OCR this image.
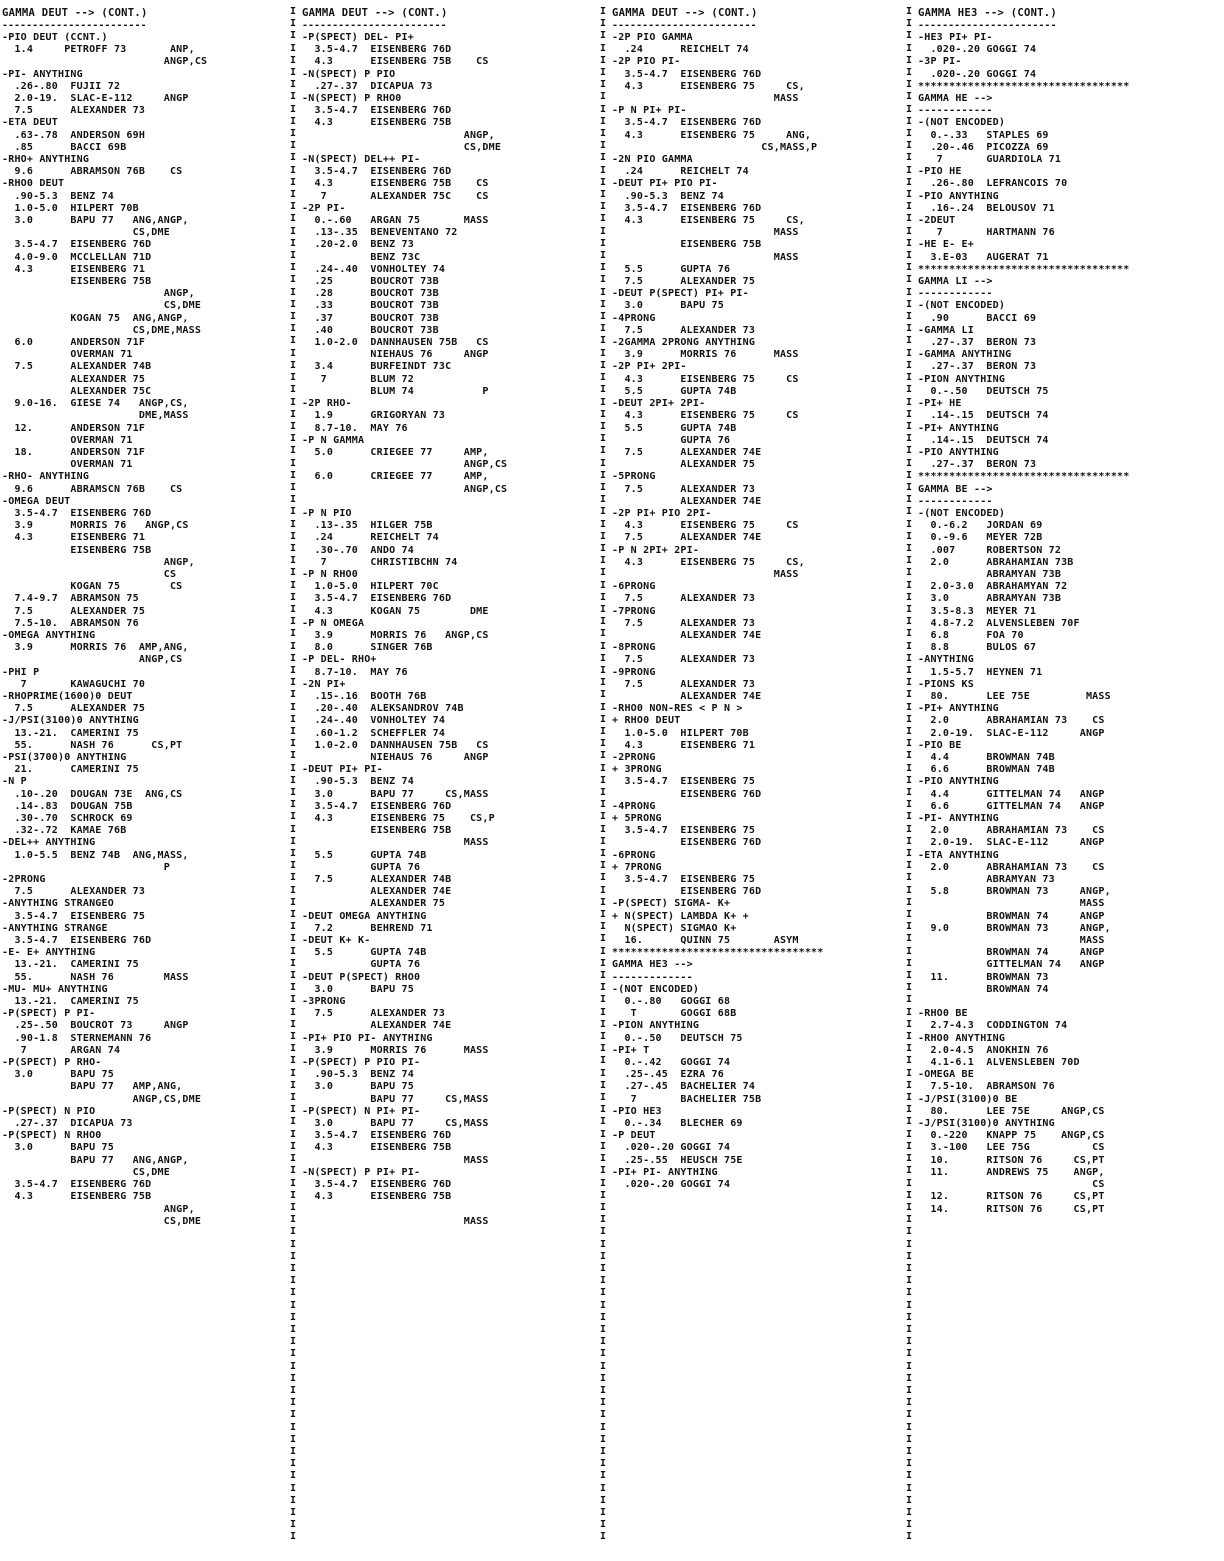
GAMMA DEUT --> (CONT.)
------------------------
-PIO DEUT (CCNT.)
1.4     PETROFF 73       ANP,
ANGP,CS
-PI- ANYTHING
.26-.80  FUJII 72
2.0-19.  SLAC-E-112     ANGP
7.5      ALEXANDER 73
-ETA DEUT
.63-.78  ANDERSON 69H
.85      BACCI 69B
-RHO+ ANYTHING
9.6      ABRAMSON 76B    CS
-RHO0 DEUT
.90-5.3  BENZ 74
1.0-5.0  HILPERT 70B
3.0      BAPU 77   ANG,ANGP,
CS,DME
3.5-4.7  EISENBERG 76D
4.0-9.0  MCCLELLAN 71D
4.3      EISENBERG 71
EISENBERG 75B
ANGP,
CS,DME
KOGAN 75  ANG,ANGP,
CS,DME,MASS
6.0      ANDERSON 71F
OVERMAN 71
7.5      ALEXANDER 74B
ALEXANDER 75
ALEXANDER 75C
9.0-16.  GIESE 74   ANGP,CS,
DME,MASS
12.      ANDERSON 71F
OVERMAN 71
18.      ANDERSON 71F
OVERMAN 71
-RHO- ANYTHING
9.6      ABRAMSCN 76B    CS
-OMEGA DEUT
3.5-4.7  EISENBERG 76D
3.9      MORRIS 76   ANGP,CS
4.3      EISENBERG 71
EISENBERG 75B
ANGP,
CS
KOGAN 75        CS
7.4-9.7  ABRAMSON 75
7.5      ALEXANDER 75
7.5-10.  ABRAMSON 76
-OMEGA ANYTHING
3.9      MORRIS 76  AMP,ANG,
ANGP,CS
-PHI P
7       KAWAGUCHI 70
-RHOPRIME(1600)0 DEUT
7.5      ALEXANDER 75
-J/PSI(3100)0 ANYTHING
13.-21.  CAMERINI 75
55.      NASH 76      CS,PT
-PSI(3700)0 ANYTHING
21.      CAMERINI 75
-N P
.10-.20  DOUGAN 73E  ANG,CS
.14-.83  DOUGAN 75B
.30-.70  SCHROCK 69
.32-.72  KAMAE 76B
-DEL++ ANYTHING
1.0-5.5  BENZ 74B  ANG,MASS,
P
-2PRONG
7.5      ALEXANDER 73
-ANYTHING STRANGEO
3.5-4.7  EISENBERG 75
-ANYTHING STRANGE
3.5-4.7  EISENBERG 76D
-E- E+ ANYTHING
13.-21.  CAMERINI 75
55.      NASH 76        MASS
-MU- MU+ ANYTHING
13.-21.  CAMERINI 75
-P(SPECT) P PI-
.25-.50  BOUCROT 73     ANGP
.90-1.8  STERNEMANN 76
7       ARGAN 74
-P(SPECT) P RHO-
3.0      BAPU 75
BAPU 77   AMP,ANG,
ANGP,CS,DME
-P(SPECT) N PIO
.27-.37  DICAPUA 73
-P(SPECT) N RHO0
3.0      BAPU 75
BAPU 77   ANG,ANGP,
CS,DME
3.5-4.7  EISENBERG 76D
4.3      EISENBERG 75B
ANGP,
CS,DME
I
I
I
I
I
I
I
I
I
I
I
I
I
I
I
I
I
I
I
I
I
I
I
I
I
I
I
I
I
I
I
I
I
I
I
I
I
I
I
I
I
I
I
I
I
I
I
I
I
I
I
I
I
I
I
I
I
I
I
I
I
I
I
I
I
I
I
I
I
I
I
I
I
I
I
I
I
I
I
I
I
I
I
I
I
I
I
I
I
I
I
I
I
I
I
I
I
I
I
I
I
I
I
I
I
I
I
I
I
I
I
I
I
I
I
I
I
I
I
I
I
I
I
I
I
I
GAMMA DEUT --> (CONT.)
------------------------
-P(SPECT) DEL- PI+
3.5-4.7  EISENBERG 76D
4.3      EISENBERG 75B    CS
-N(SPECT) P PIO
.27-.37  DICAPUA 73
-N(SPECT) P RHO0
3.5-4.7  EISENBERG 76D
4.3      EISENBERG 75B
ANGP,
CS,DME
-N(SPECT) DEL++ PI-
3.5-4.7  EISENBERG 76D
4.3      EISENBERG 75B    CS
7       ALEXANDER 75C    CS
-2P PI-
0.-.60   ARGAN 75       MASS
.13-.35  BENEVENTANO 72
.20-2.0  BENZ 73
BENZ 73C
.24-.40  VONHOLTEY 74
.25      BOUCROT 73B
.28      BOUCROT 73B
.33      BOUCROT 73B
.37      BOUCROT 73B
.40      BOUCROT 73B
1.0-2.0  DANNHAUSEN 75B   CS
NIEHAUS 76     ANGP
3.4      BURFEINDT 73C
7       BLUM 72
BLUM 74           P
-2P RHO-
1.9      GRIGORYAN 73
8.7-10.  MAY 76
-P N GAMMA
5.0      CRIEGEE 77     AMP,
ANGP,CS
6.0      CRIEGEE 77     AMP,
ANGP,CS

-P N PIO
.13-.35  HILGER 75B
.24      REICHELT 74
.30-.70  ANDO 74
7       CHRISTIBCHN 74
-P N RHO0
1.0-5.0  HILPERT 70C
3.5-4.7  EISENBERG 76D
4.3      KOGAN 75        DME
-P N OMEGA
3.9      MORRIS 76   ANGP,CS
8.0      SINGER 76B
-P DEL- RHO+
8.7-10.  MAY 76
-2N PI+
.15-.16  BOOTH 76B
.20-.40  ALEKSANDROV 74B
.24-.40  VONHOLTEY 74
.60-1.2  SCHEFFLER 74
1.0-2.0  DANNHAUSEN 75B   CS
NIEHAUS 76     ANGP
-DEUT PI+ PI-
.90-5.3  BENZ 74
3.0      BAPU 77     CS,MASS
3.5-4.7  EISENBERG 76D
4.3      EISENBERG 75    CS,P
EISENBERG 75B
MASS
5.5      GUPTA 74B
GUPTA 76
7.5      ALEXANDER 74B
ALEXANDER 74E
ALEXANDER 75
-DEUT OMEGA ANYTHING
7.2      BEHREND 71
-DEUT K+ K-
5.5      GUPTA 74B
GUPTA 76
-DEUT P(SPECT) RHO0
3.0      BAPU 75
-3PRONG
7.5      ALEXANDER 73
ALEXANDER 74E
-PI+ PIO PI- ANYTHING
3.9      MORRIS 76      MASS
-P(SPECT) P PIO PI-
.90-5.3  BENZ 74
3.0      BAPU 75
BAPU 77     CS,MASS
-P(SPECT) N PI+ PI-
3.0      BAPU 77     CS,MASS
3.5-4.7  EISENBERG 76D
4.3      EISENBERG 75B
MASS
-N(SPECT) P PI+ PI-
3.5-4.7  EISENBERG 76D
4.3      EISENBERG 75B

MASS
I
I
I
I
I
I
I
I
I
I
I
I
I
I
I
I
I
I
I
I
I
I
I
I
I
I
I
I
I
I
I
I
I
I
I
I
I
I
I
I
I
I
I
I
I
I
I
I
I
I
I
I
I
I
I
I
I
I
I
I
I
I
I
I
I
I
I
I
I
I
I
I
I
I
I
I
I
I
I
I
I
I
I
I
I
I
I
I
I
I
I
I
I
I
I
I
I
I
I
I
I
I
I
I
I
I
I
I
I
I
I
I
I
I
I
I
I
I
I
I
I
I
I
I
I
I
GAMMA DEUT --> (CONT.)
------------------------
-2P PIO GAMMA
.24      REICHELT 74
-2P PIO PI-
3.5-4.7  EISENBERG 76D
4.3      EISENBERG 75     CS,
MASS
-P N PI+ PI-
3.5-4.7  EISENBERG 76D
4.3      EISENBERG 75     ANG,
CS,MASS,P
-2N PIO GAMMA
.24      REICHELT 74
-DEUT PI+ PIO PI-
.90-5.3  BENZ 74
3.5-4.7  EISENBERG 76D
4.3      EISENBERG 75     CS,
MASS
EISENBERG 75B
MASS
5.5      GUPTA 76
7.5      ALEXANDER 75
-DEUT P(SPECT) PI+ PI-
3.0      BAPU 75
-4PRONG
7.5      ALEXANDER 73
-2GAMMA 2PRONG ANYTHING
3.9      MORRIS 76      MASS
-2P PI+ 2PI-
4.3      EISENBERG 75     CS
5.5      GUPTA 74B
-DEUT 2PI+ 2PI-
4.3      EISENBERG 75     CS
5.5      GUPTA 74B
GUPTA 76
7.5      ALEXANDER 74E
ALEXANDER 75
-5PRONG
7.5      ALEXANDER 73
ALEXANDER 74E
-2P PI+ PIO 2PI-
4.3      EISENBERG 75     CS
7.5      ALEXANDER 74E
-P N 2PI+ 2PI-
4.3      EISENBERG 75     CS,
MASS
-6PRONG
7.5      ALEXANDER 73
-7PRONG
7.5      ALEXANDER 73
ALEXANDER 74E
-8PRONG
7.5      ALEXANDER 73
-9PRONG
7.5      ALEXANDER 73
ALEXANDER 74E
-RHO0 NON-RES < P N >
+ RHO0 DEUT
1.0-5.0  HILPERT 70B
4.3      EISENBERG 71
-2PRONG
+ 3PRONG
3.5-4.7  EISENBERG 75
EISENBERG 76D
-4PRONG
+ 5PRONG
3.5-4.7  EISENBERG 75
EISENBERG 76D
-6PRONG
+ 7PRONG
3.5-4.7  EISENBERG 75
EISENBERG 76D
-P(SPECT) SIGMA- K+
+ N(SPECT) LAMBDA K+ +
N(SPECT) SIGMAO K+
16.      QUINN 75       ASYM
**********************************
GAMMA HE3 -->
-------------
-(NOT ENCODED)
0.-.80   GOGGI 68
T       GOGGI 68B
-PION ANYTHING
0.-.50   DEUTSCH 75
-PI+ T
0.-.42   GOGGI 74
.25-.45  EZRA 76
.27-.45  BACHELIER 74
7       BACHELIER 75B
-PIO HE3
0.-.34   BLECHER 69
-P DEUT
.020-.20 GOGGI 74
.25-.55  HEUSCH 75E
-PI+ PI- ANYTHING
.020-.20 GOGGI 74
I
I
I
I
I
I
I
I
I
I
I
I
I
I
I
I
I
I
I
I
I
I
I
I
I
I
I
I
I
I
I
I
I
I
I
I
I
I
I
I
I
I
I
I
I
I
I
I
I
I
I
I
I
I
I
I
I
I
I
I
I
I
I
I
I
I
I
I
I
I
I
I
I
I
I
I
I
I
I
I
I
I
I
I
I
I
I
I
I
I
I
I
I
I
I
I
I
I
I
I
I
I
I
I
I
I
I
I
I
I
I
I
I
I
I
I
I
I
I
I
I
I
I
I
I
I
GAMMA HE3 --> (CONT.)
-----------------------
-HE3 PI+ PI-
.020-.20 GOGGI 74
-3P PI-
.020-.20 GOGGI 74
**********************************
GAMMA HE -->
------------
-(NOT ENCODED)
0.-.33   STAPLES 69
.20-.46  PICOZZA 69
7       GUARDIOLA 71
-PIO HE
.26-.80  LEFRANCOIS 70
-PIO ANYTHING
.16-.24  BELOUSOV 71
-2DEUT
7       HARTMANN 76
-HE E- E+
3.E-03   AUGERAT 71
**********************************
GAMMA LI -->
------------
-(NOT ENCODED)
.90      BACCI 69
-GAMMA LI
.27-.37  BERON 73
-GAMMA ANYTHING
.27-.37  BERON 73
-PION ANYTHING
0.-.50   DEUTSCH 75
-PI+ HE
.14-.15  DEUTSCH 74
-PI+ ANYTHING
.14-.15  DEUTSCH 74
-PIO ANYTHING
.27-.37  BERON 73
**********************************
GAMMA BE -->
------------
-(NOT ENCODED)
0.-6.2   JORDAN 69
0.-9.6   MEYER 72B
.007     ROBERTSON 72
2.0      ABRAHAMIAN 73B
ABRAMYAN 73B
2.0-3.0  ABRAHAMYAN 72
3.0      ABRAMYAN 73B
3.5-8.3  MEYER 71
4.8-7.2  ALVENSLEBEN 70F
6.8      FOA 70
8.8      BULOS 67
-ANYTHING
1.5-5.7  HEYNEN 71
-PIONS KS
80.      LEE 75E         MASS
-PI+ ANYTHING
2.0      ABRAHAMIAN 73    CS
2.0-19.  SLAC-E-112     ANGP
-PIO BE
4.4      BROWMAN 74B
6.6      BROWMAN 74B
-PIO ANYTHING
4.4      GITTELMAN 74   ANGP
6.6      GITTELMAN 74   ANGP
-PI- ANYTHING
2.0      ABRAHAMIAN 73    CS
2.0-19.  SLAC-E-112     ANGP
-ETA ANYTHING
2.0      ABRAHAMIAN 73    CS
ABRAMYAN 73
5.8      BROWMAN 73     ANGP,
MASS
BROWMAN 74     ANGP
9.0      BROWMAN 73     ANGP,
MASS
BROWMAN 74     ANGP
GITTELMAN 74   ANGP
11.      BROWMAN 73
BROWMAN 74

-RHO0 BE
2.7-4.3  CODDINGTON 74
-RHO0 ANYTHING
2.0-4.5  ANOKHIN 76
4.1-6.1  ALVENSLEBEN 70D
-OMEGA BE
7.5-10.  ABRAMSON 76
-J/PSI(3100)0 BE
80.      LEE 75E     ANGP,CS
-J/PSI(3100)0 ANYTHING
0.-220   KNAPP 75    ANGP,CS
3.-100   LEE 75G          CS
10.      RITSON 76     CS,PT
11.      ANDREWS 75    ANGP,
CS
12.      RITSON 76     CS,PT
14.      RITSON 76     CS,PT
